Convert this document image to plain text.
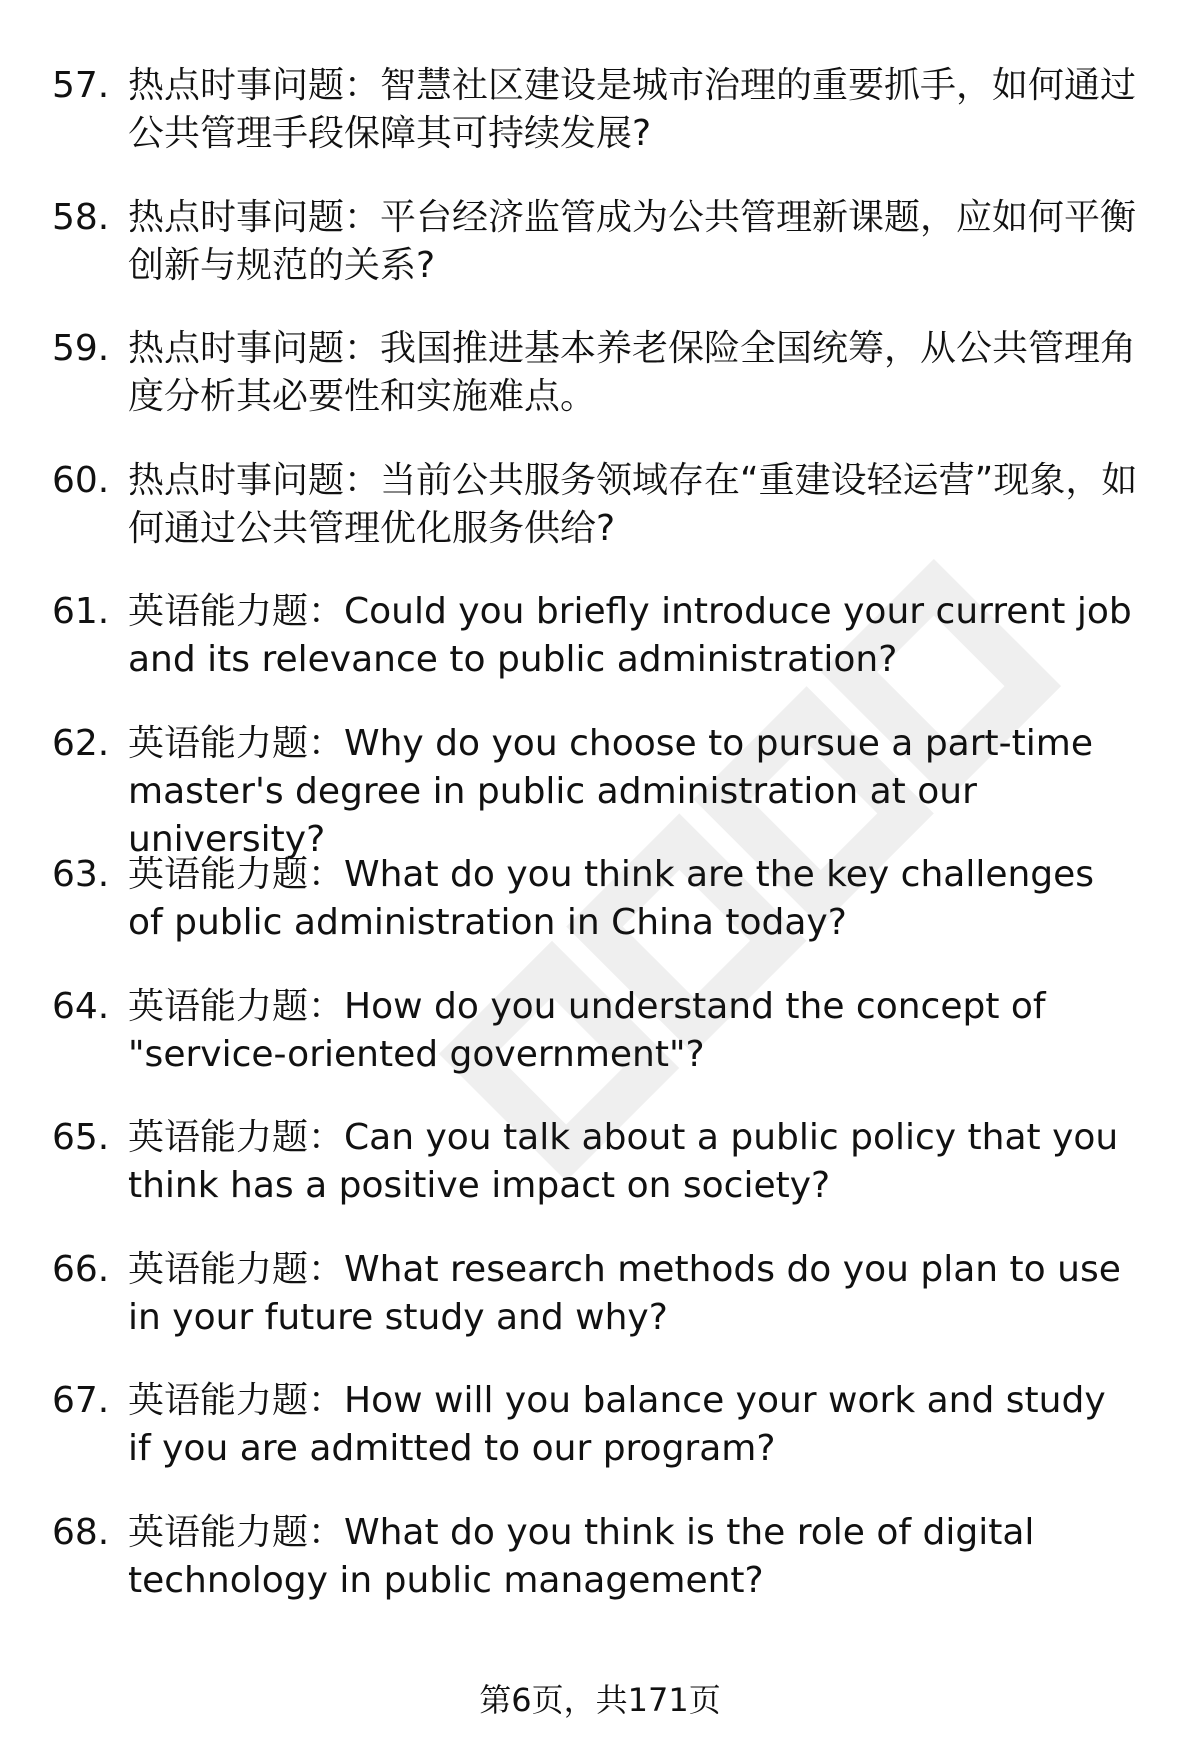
57. 热点时事问题：智慧社区建设是城市治理的重要抓手，如何通过公共管理手段保障其可持续发展?
58. 热点时事问题：平台经济监管成为公共管理新课题，应如何平衡创新与规范的关系?
59. 热点时事问题：我国推进基本养老保险全国统筹，从公共管理角度分析其必要性和实施难点。
60. 热点时事问题：当前公共服务领域存在“重建设轻运营”现象，如何通过公共管理优化服务供给?
61. 英语能力题：Could you briefly introduce your current job and its relevance to public administration?
62. 英语能力题：Why do you choose to pursue a part-time master's degree in public administration at our university?
63. 英语能力题：What do you think are the key challenges of public administration in China today?
64. 英语能力题：How do you understand the concept of "service-oriented government"?
65. 英语能力题：Can you talk about a public policy that you think has a positive impact on society?
66. 英语能力题：What research methods do you plan to use in your future study and why?
67. 英语能力题：How will you balance your work and study if you are admitted to our program?
68. 英语能力题：What do you think is the role of digital technology in public management?
第6页，共171页
